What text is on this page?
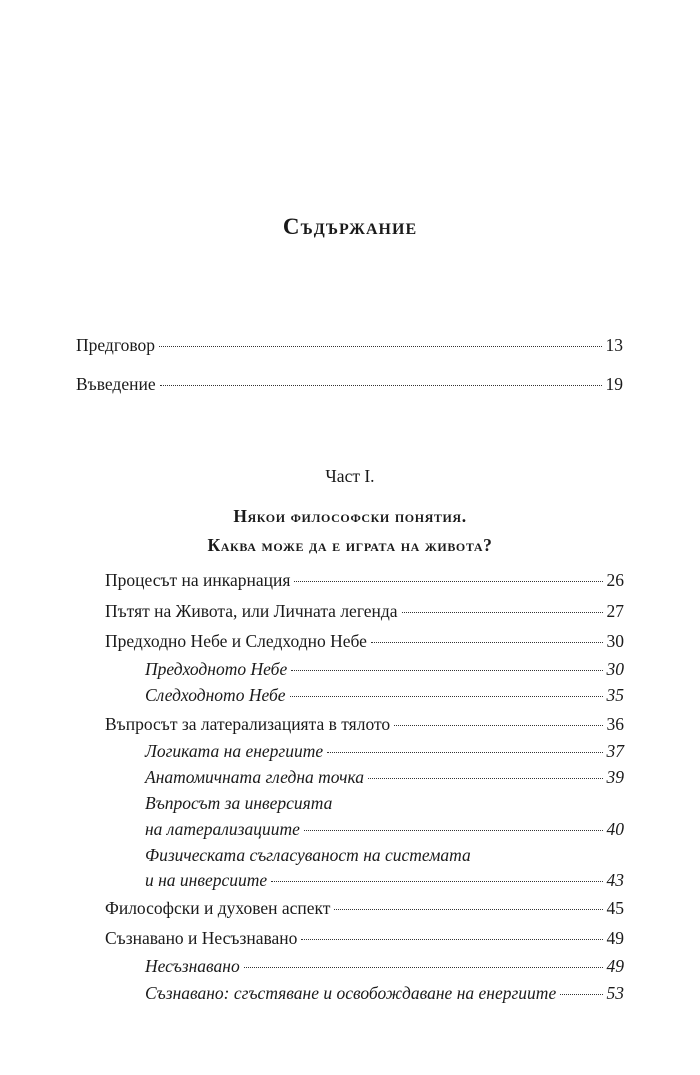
Съдържание
Предговор	13
Въведение	19
Част I.
Някои философски понятия.
Каква може да е играта на живота?
Процесът на инкарнация	26
Пътят на Живота, или Личната легенда	27
Предходно Небе и Следходно Небе	30
Предходното Небе	30
Следходното Небе	35
Въпросът за латерализацията в тялото	36
Логиката на енергиите	37
Анатомичната гледна точка	39
Въпросът за инверсията
на латерализациите	40
Физическата съгласуваност на системата
и на инверсиите	43
Философски и духовен аспект	45
Съзнавано и Несъзнавано	49
Несъзнавано	49
Съзнавано: сгъстяване и освобождаване на енергиите	53
